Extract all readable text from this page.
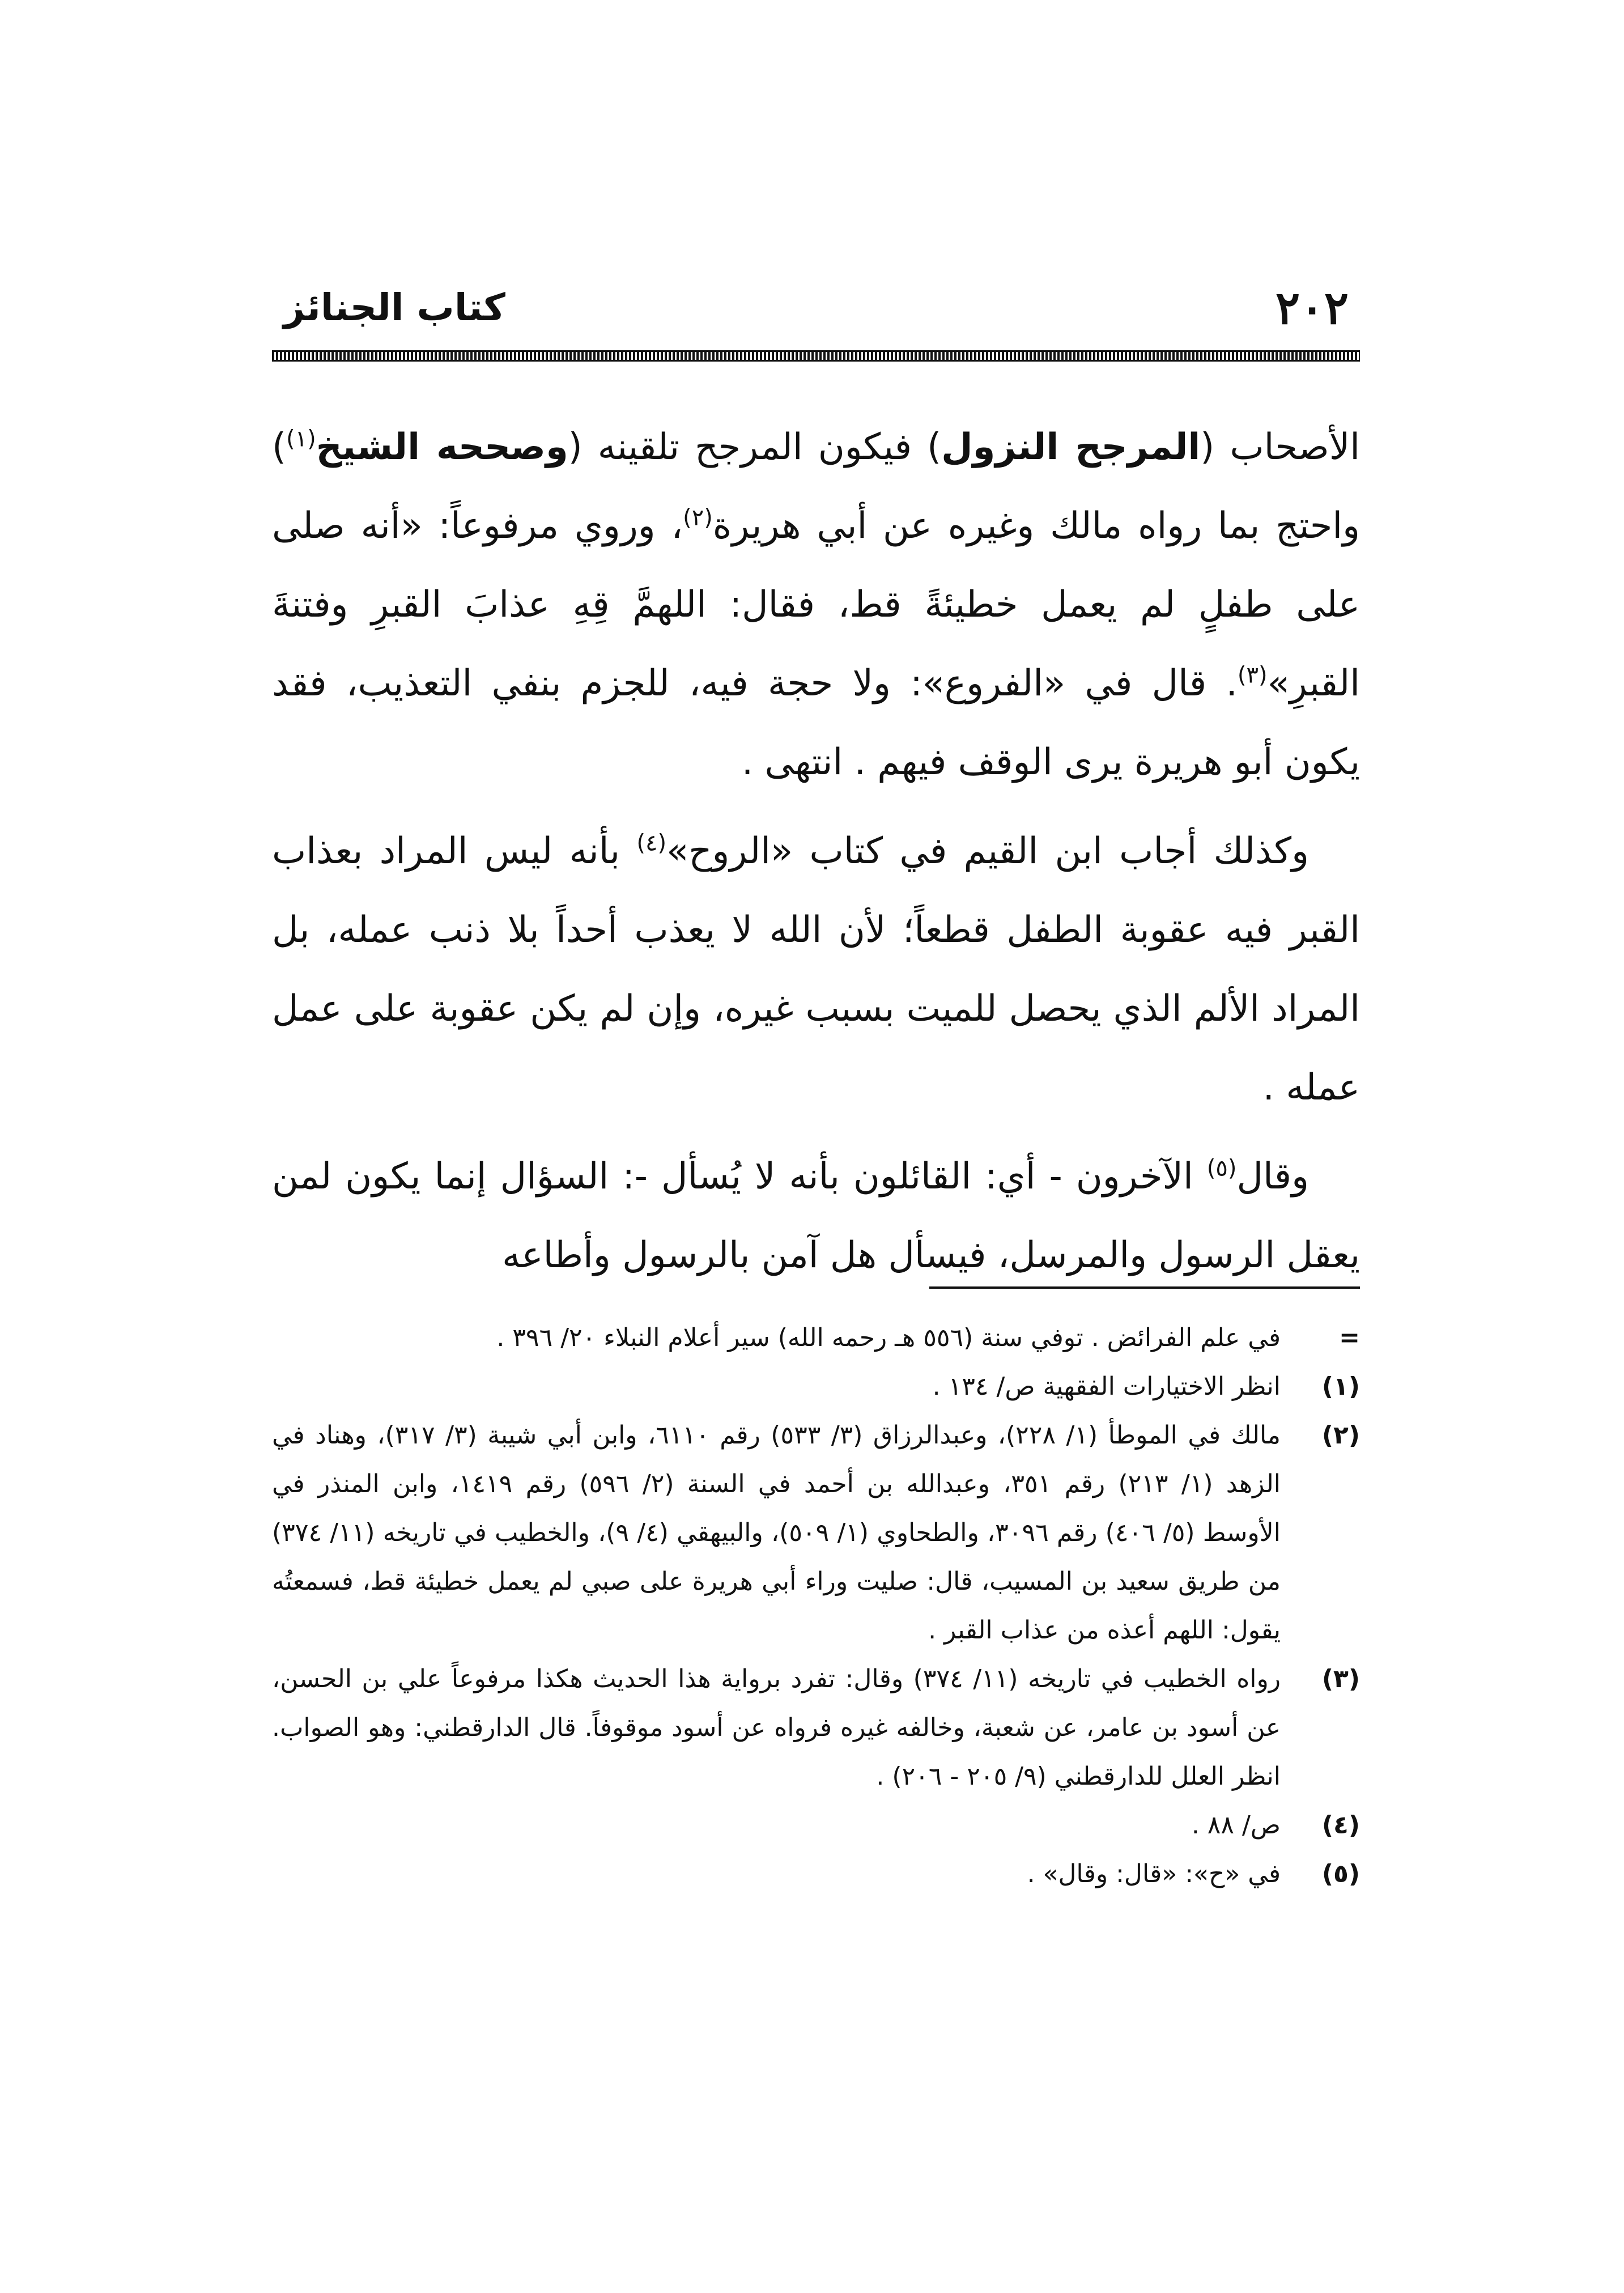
٢٠٢
كتاب الجنائز

الأصحاب (المرجح النزول) فيكون المرجح تلقينه (وصححه الشيخ$^{(١)}$) واحتج بما رواه مالك وغيره عن أبي هريرة$^{(٢)}$، وروي مرفوعاً: «أنه صلى على طفلٍ لم يعمل خطيئةً قط، فقال: اللهمَّ قِهِ عذابَ القبرِ وفتنةَ القبرِ»$^{(٣)}$. قال في «الفروع»: ولا حجة فيه، للجزم بنفي التعذيب، فقد يكون أبو هريرة يرى الوقف فيهم . انتهى .

وكذلك أجاب ابن القيم في كتاب «الروح»$^{(٤)}$ بأنه ليس المراد بعذاب القبر فيه عقوبة الطفل قطعاً؛ لأن الله لا يعذب أحداً بلا ذنب عمله، بل المراد الألم الذي يحصل للميت بسبب غيره، وإن لم يكن عقوبة على عمل عمله .

وقال$^{(٥)}$ الآخرون - أي: القائلون بأنه لا يُسأل -: السؤال إنما يكون لمن يعقل الرسول والمرسل، فيسأل هل آمن بالرسول وأطاعه

=
في علم الفرائض . توفي سنة (٥٥٦ هـ رحمه الله) سير أعلام النبلاء ٢٠/ ٣٩٦ .

(١)
انظر الاختيارات الفقهية ص/ ١٣٤ .

(٢)
مالك في الموطأ (١/ ٢٢٨)، وعبدالرزاق (٣/ ٥٣٣) رقم ٦١١٠، وابن أبي شيبة (٣/ ٣١٧)، وهناد في الزهد (١/ ٢١٣) رقم ٣٥١، وعبدالله بن أحمد في السنة (٢/ ٥٩٦) رقم ١٤١٩، وابن المنذر في الأوسط (٥/ ٤٠٦) رقم ٣٠٩٦، والطحاوي (١/ ٥٠٩)، والبيهقي (٤/ ٩)، والخطيب في تاريخه (١١/ ٣٧٤) من طريق سعيد بن المسيب، قال: صليت وراء أبي هريرة على صبي لم يعمل خطيئة قط، فسمعتُه يقول: اللهم أعذه من عذاب القبر .

(٣)
رواه الخطيب في تاريخه (١١/ ٣٧٤) وقال: تفرد برواية هذا الحديث هكذا مرفوعاً علي بن الحسن، عن أسود بن عامر، عن شعبة، وخالفه غيره فرواه عن أسود موقوفاً. قال الدارقطني: وهو الصواب. انظر العلل للدارقطني (٩/ ٢٠٥ - ٢٠٦) .

(٤)
ص/ ٨٨ .

(٥)
في «ح»: «قال: وقال» .
